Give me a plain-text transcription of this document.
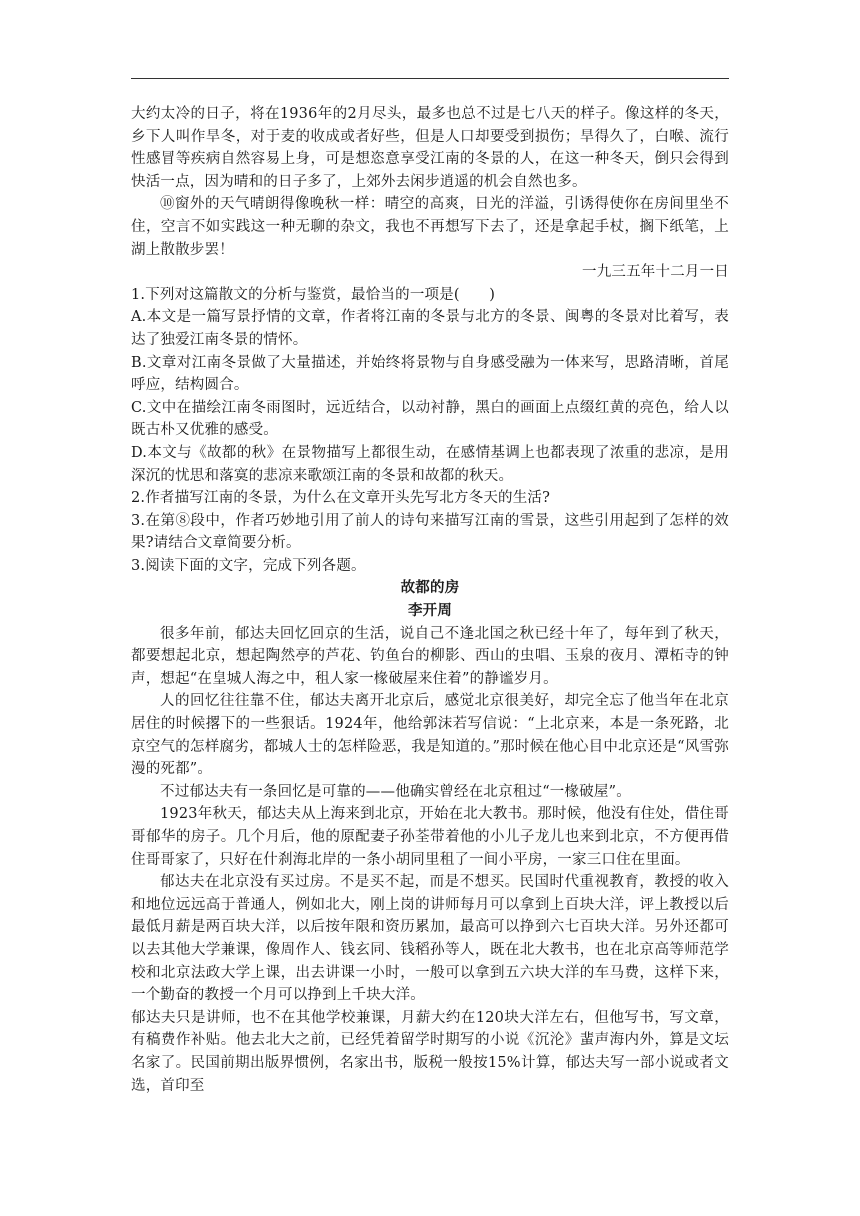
大约太冷的日子，将在1936年的2月尽头，最多也总不过是七八天的样子。像这样的冬天，乡下人叫作旱冬，对于麦的收成或者好些，但是人口却要受到损伤；旱得久了，白喉、流行性感冒等疾病自然容易上身，可是想恣意享受江南的冬景的人，在这一种冬天，倒只会得到快活一点，因为晴和的日子多了，上郊外去闲步逍遥的机会自然也多。

⑩窗外的天气晴朗得像晚秋一样：晴空的高爽，日光的洋溢，引诱得使你在房间里坐不住，空言不如实践这一种无聊的杂文，我也不再想写下去了，还是拿起手杖，搁下纸笔，上湖上散散步罢！

一九三五年十二月一日

1.下列对这篇散文的分析与鉴赏，最恰当的一项是(　　)

A.本文是一篇写景抒情的文章，作者将江南的冬景与北方的冬景、闽粤的冬景对比着写，表达了独爱江南冬景的情怀。

B.文章对江南冬景做了大量描述，并始终将景物与自身感受融为一体来写，思路清晰，首尾呼应，结构圆合。

C.文中在描绘江南冬雨图时，远近结合，以动衬静，黑白的画面上点缀红黄的亮色，给人以既古朴又优雅的感受。

D.本文与《故都的秋》在景物描写上都很生动，在感情基调上也都表现了浓重的悲凉，是用深沉的忧思和落寞的悲凉来歌颂江南的冬景和故都的秋天。

2.作者描写江南的冬景，为什么在文章开头先写北方冬天的生活?

3.在第⑧段中，作者巧妙地引用了前人的诗句来描写江南的雪景，这些引用起到了怎样的效果?请结合文章简要分析。

3.阅读下面的文字，完成下列各题。

故都的房

李开周

很多年前，郁达夫回忆回京的生活，说自己不逢北国之秋已经十年了，每年到了秋天，都要想起北京，想起陶然亭的芦花、钓鱼台的柳影、西山的虫唱、玉泉的夜月、潭柘寺的钟声，想起“在皇城人海之中，租人家一椽破屋来住着”的静谧岁月。

人的回忆往往靠不住，郁达夫离开北京后，感觉北京很美好，却完全忘了他当年在北京居住的时候撂下的一些狠话。1924年，他给郭沫若写信说：“上北京来，本是一条死路，北京空气的怎样腐劣，都城人士的怎样险恶，我是知道的。”那时候在他心目中北京还是“风雪弥漫的死都”。

不过郁达夫有一条回忆是可靠的——他确实曾经在北京租过“一椽破屋”。

1923年秋天，郁达夫从上海来到北京，开始在北大教书。那时候，他没有住处，借住哥哥郁华的房子。几个月后，他的原配妻子孙荃带着他的小儿子龙儿也来到北京，不方便再借住哥哥家了，只好在什刹海北岸的一条小胡同里租了一间小平房，一家三口住在里面。

郁达夫在北京没有买过房。不是买不起，而是不想买。民国时代重视教育，教授的收入和地位远远高于普通人，例如北大，刚上岗的讲师每月可以拿到上百块大洋，评上教授以后最低月薪是两百块大洋，以后按年限和资历累加，最高可以挣到六七百块大洋。另外还都可以去其他大学兼课，像周作人、钱玄同、钱稻孙等人，既在北大教书，也在北京高等师范学校和北京法政大学上课，出去讲课一小时，一般可以拿到五六块大洋的车马费，这样下来，一个勤奋的教授一个月可以挣到上千块大洋。

郁达夫只是讲师，也不在其他学校兼课，月薪大约在120块大洋左右，但他写书，写文章，有稿费作补贴。他去北大之前，已经凭着留学时期写的小说《沉沦》蜚声海内外，算是文坛名家了。民国前期出版界惯例，名家出书，版税一般按15%计算，郁达夫写一部小说或者文选，首印至
